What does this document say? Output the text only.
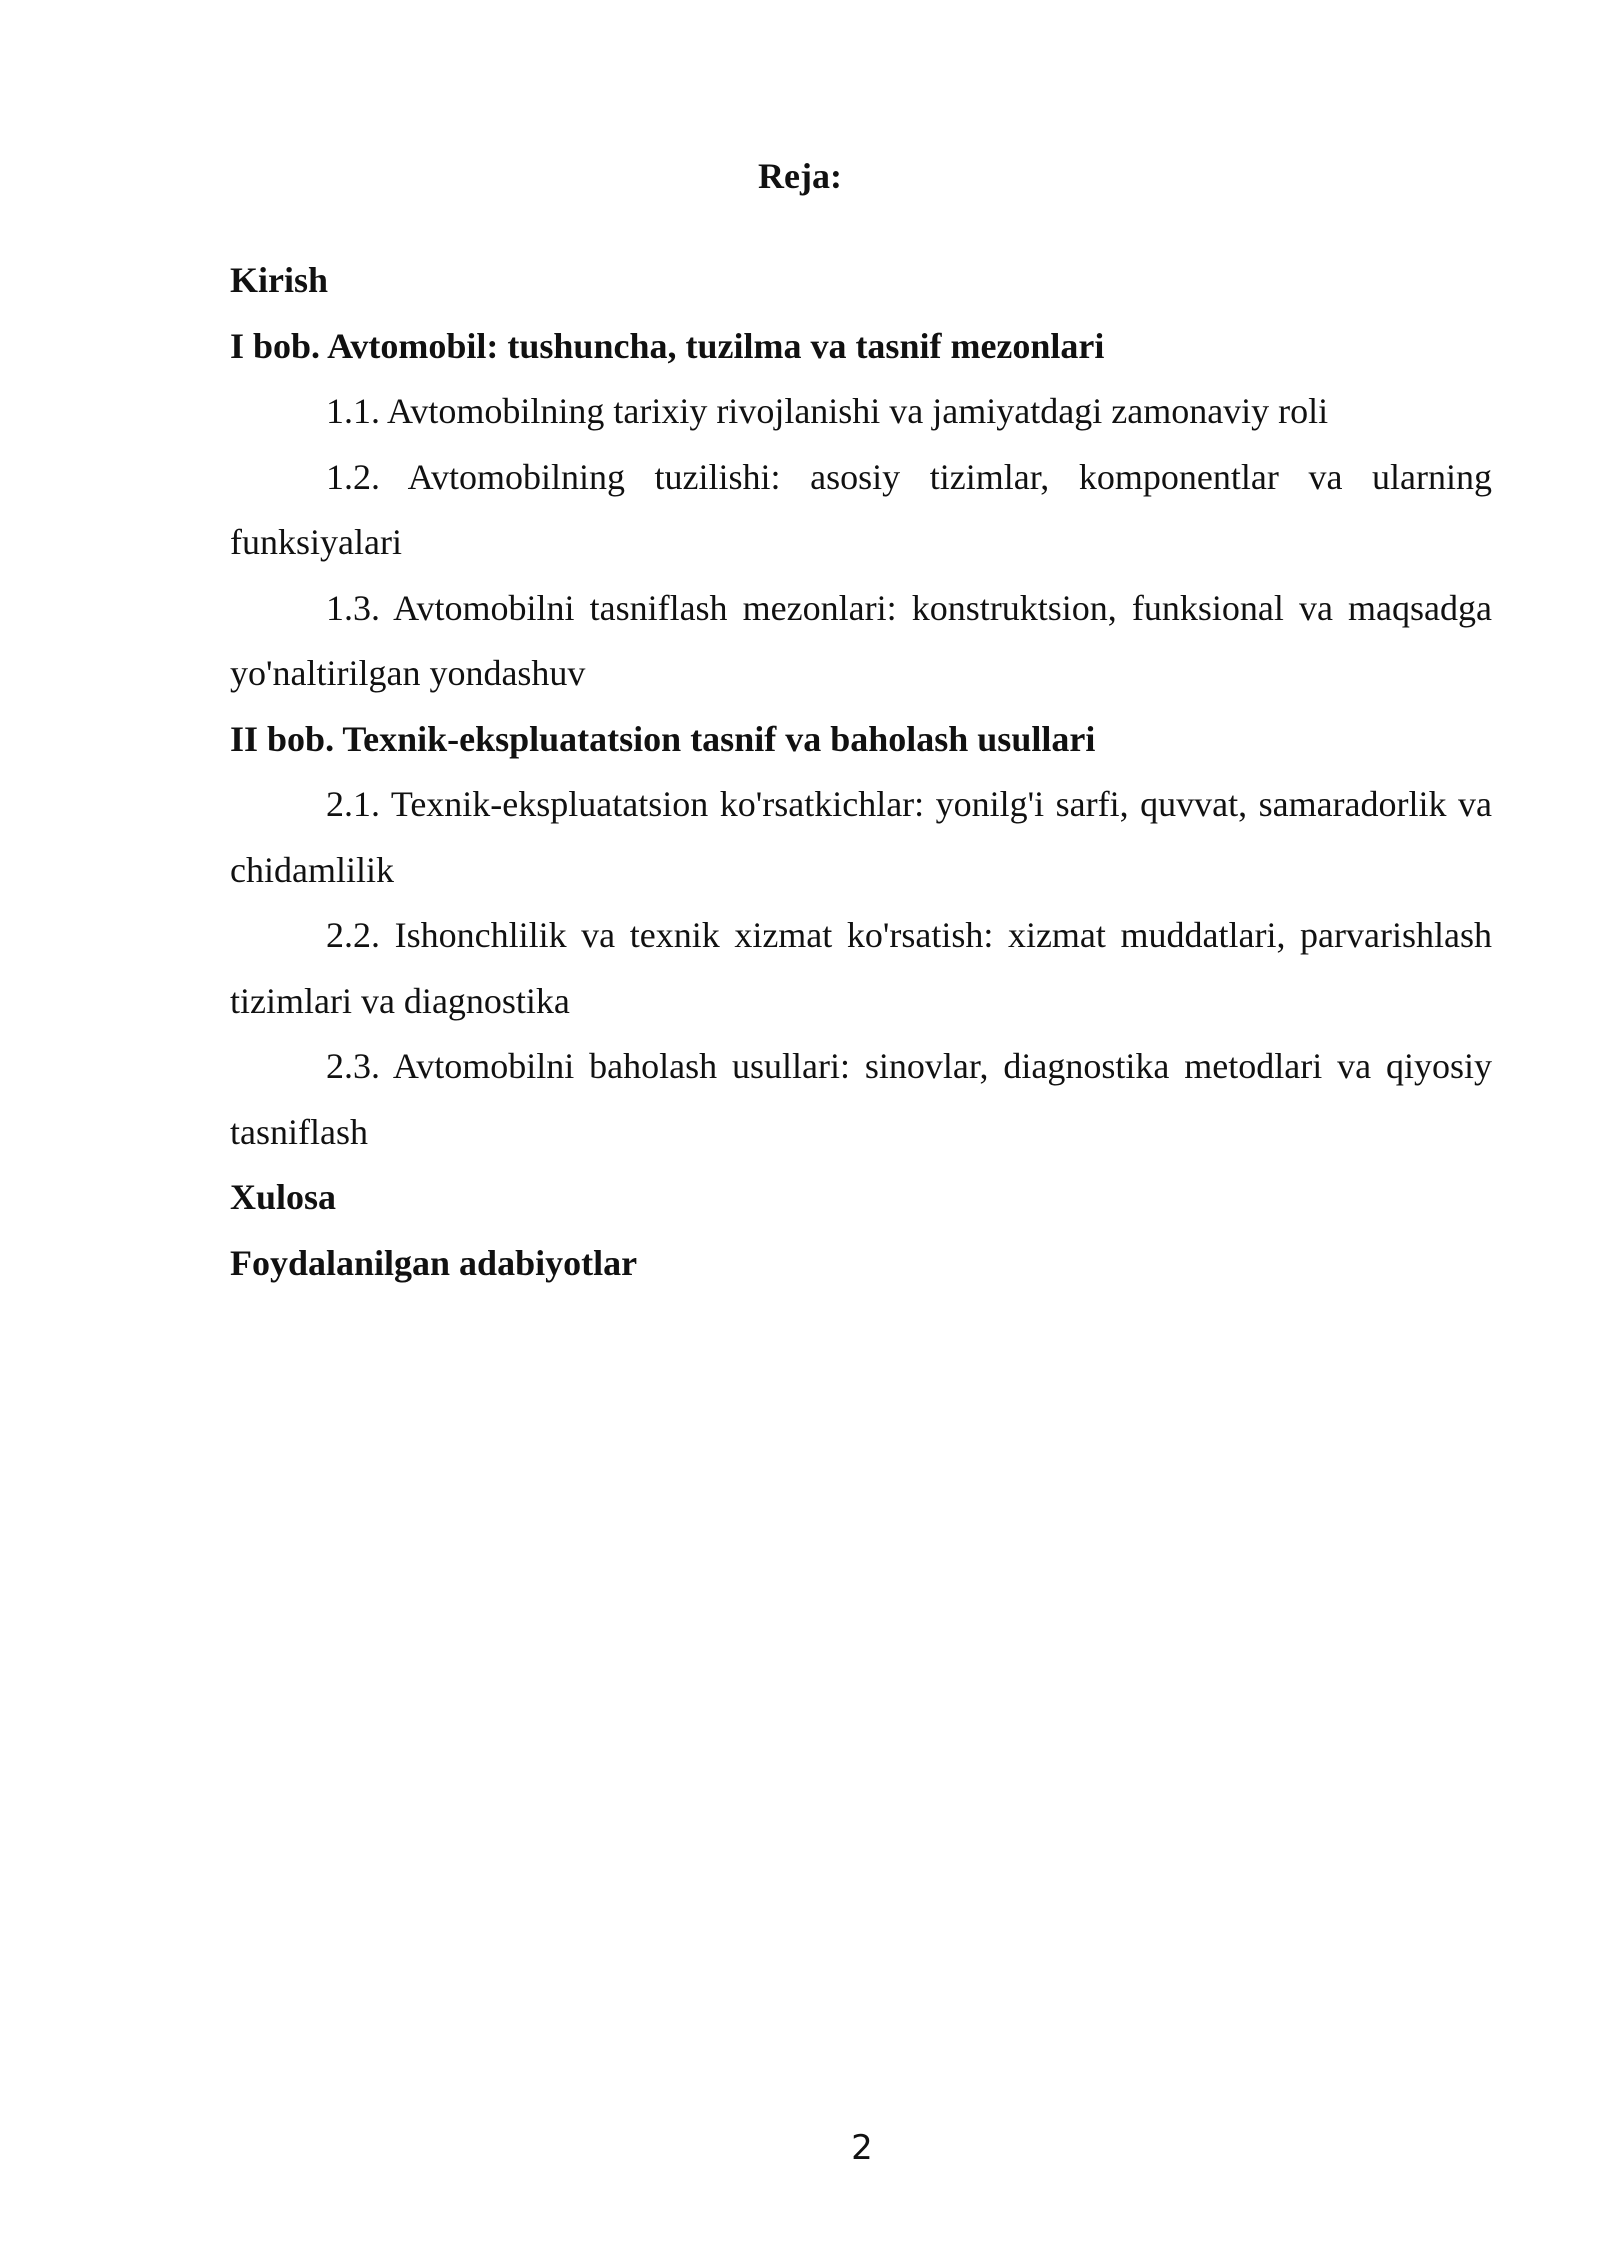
Reja:

Kirish

I bob. Avtomobil: tushuncha, tuzilma va tasnif mezonlari

1.1. Avtomobilning tarixiy rivojlanishi va jamiyatdagi zamonaviy roli

1.2. Avtomobilning tuzilishi: asosiy tizimlar, komponentlar va ularning funksiyalari

1.3. Avtomobilni tasniflash mezonlari: konstruktsion, funksional va maqsadga yo'naltirilgan yondashuv

II bob. Texnik-ekspluatatsion tasnif va baholash usullari

2.1. Texnik-ekspluatatsion ko'rsatkichlar: yonilg'i sarfi, quvvat, samaradorlik va chidamlilik

2.2. Ishonchlilik va texnik xizmat ko'rsatish: xizmat muddatlari, parvarishlash tizimlari va diagnostika

2.3. Avtomobilni baholash usullari: sinovlar, diagnostika metodlari va qiyosiy tasniflash

Xulosa

Foydalanilgan adabiyotlar

2
